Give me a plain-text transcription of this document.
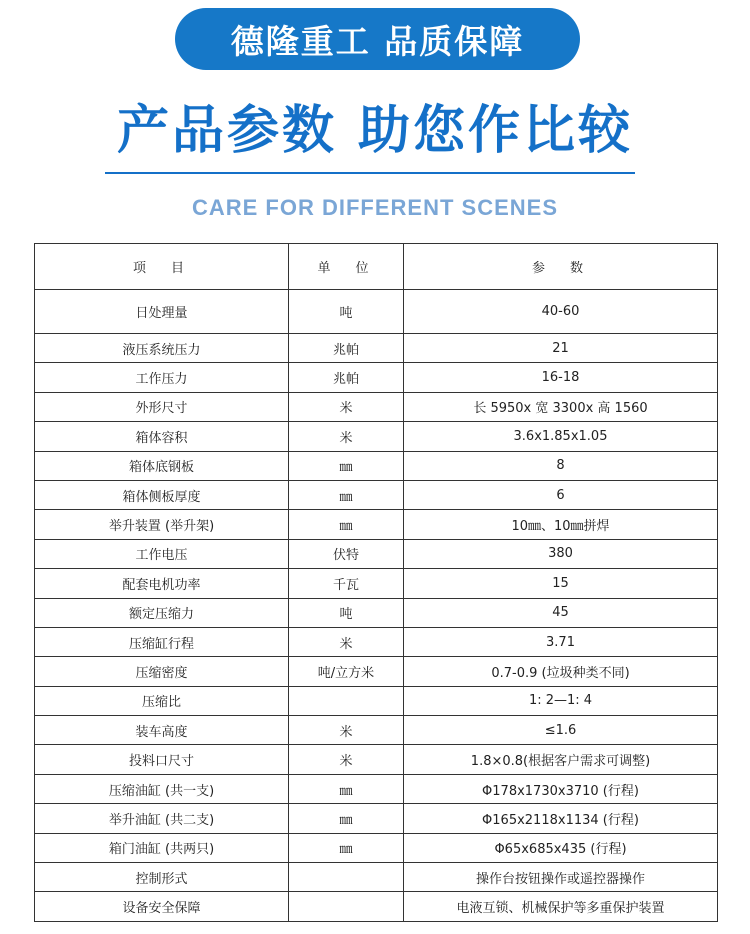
德隆重工 品质保障
产品参数 助您作比较
CARE FOR DIFFERENT SCENES
项　目	单　位	参　数
日处理量	吨	40-60
液压系统压力	兆帕	21
工作压力	兆帕	16-18
外形尺寸	米	长 5950x 宽 3300x 高 1560
箱体容积	米	3.6x1.85x1.05
箱体底钢板	㎜	8
箱体侧板厚度	㎜	6
举升装置 (举升架)	㎜	10㎜、10㎜拼焊
工作电压	伏特	380
配套电机功率	千瓦	15
额定压缩力	吨	45
压缩缸行程	米	3.71
压缩密度	吨/立方米	0.7-0.9 (垃圾种类不同)
压缩比		1: 2—1: 4
装车高度	米	≤1.6
投料口尺寸	米	1.8×0.8(根据客户需求可调整)
压缩油缸 (共一支)	㎜	Φ178x1730x3710 (行程)
举升油缸 (共二支)	㎜	Φ165x2118x1134 (行程)
箱门油缸 (共两只)	㎜	Φ65x685x435 (行程)
控制形式		操作台按钮操作或遥控器操作
设备安全保障		电液互锁、机械保护等多重保护装置
